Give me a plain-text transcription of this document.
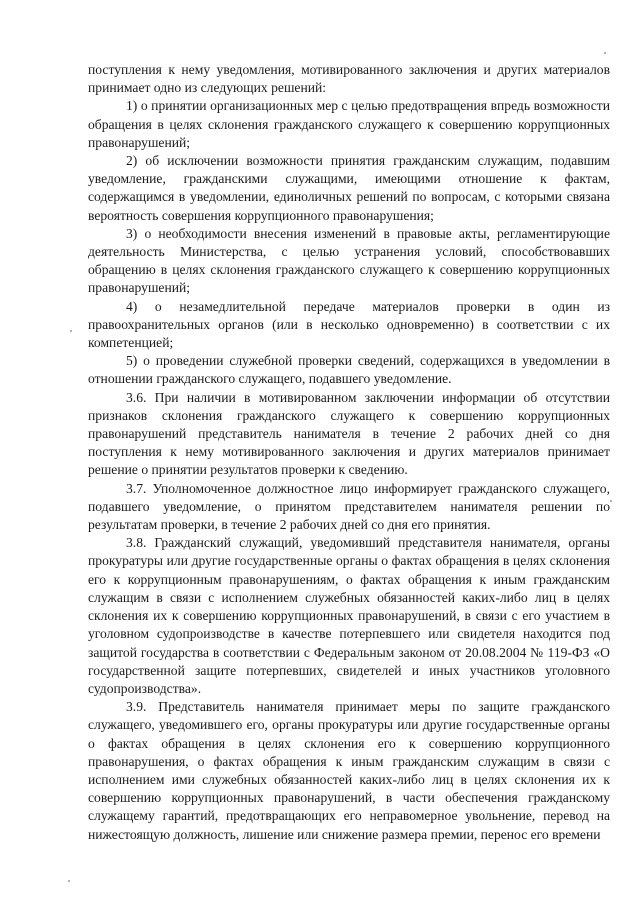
поступления к нему уведомления, мотивированного заключения и других материалов принимает одно из следующих решений:

1) о принятии организационных мер с целью предотвращения впредь возможности обращения в целях склонения гражданского служащего к совершению коррупционных правонарушений;

2) об исключении возможности принятия гражданским служащим, подавшим уведомление, гражданскими служащими, имеющими отношение к фактам, содержащимся в уведомлении, единоличных решений по вопросам, с которыми связана вероятность совершения коррупционного правонарушения;

3) о необходимости внесения изменений в правовые акты, регламентирующие деятельность Министерства, с целью устранения условий, способствовавших обращению в целях склонения гражданского служащего к совершению коррупционных правонарушений;

4) о незамедлительной передаче материалов проверки в один из правоохранительных органов (или в несколько одновременно) в соответствии с их компетенцией;

5) о проведении служебной проверки сведений, содержащихся в уведомлении в отношении гражданского служащего, подавшего уведомление.

3.6. При наличии в мотивированном заключении информации об отсутствии признаков склонения гражданского служащего к совершению коррупционных правонарушений представитель нанимателя в течение 2 рабочих дней со дня поступления к нему мотивированного заключения и других материалов принимает решение о принятии результатов проверки к сведению.

3.7. Уполномоченное должностное лицо информирует гражданского служащего, подавшего уведомление, о принятом представителем нанимателя решении по результатам проверки, в течение 2 рабочих дней со дня его принятия.

3.8. Гражданский служащий, уведомивший представителя нанимателя, органы прокуратуры или другие государственные органы о фактах обращения в целях склонения его к коррупционным правонарушениям, о фактах обращения к иным гражданским служащим в связи с исполнением служебных обязанностей каких-либо лиц в целях склонения их к совершению коррупционных правонарушений, в связи с его участием в уголовном судопроизводстве в качестве потерпевшего или свидетеля находится под защитой государства в соответствии с Федеральным законом от 20.08.2004 № 119-ФЗ «О государственной защите потерпевших, свидетелей и иных участников уголовного судопроизводства».

3.9. Представитель нанимателя принимает меры по защите гражданского служащего, уведомившего его, органы прокуратуры или другие государственные органы о фактах обращения в целях склонения его к совершению коррупционного правонарушения, о фактах обращения к иным гражданским служащим в связи с исполнением ими служебных обязанностей каких-либо лиц в целях склонения их к совершению коррупционных правонарушений, в части обеспечения гражданскому служащему гарантий, предотвращающих его неправомерное увольнение, перевод на нижестоящую должность, лишение или снижение размера премии, перенос его времени
